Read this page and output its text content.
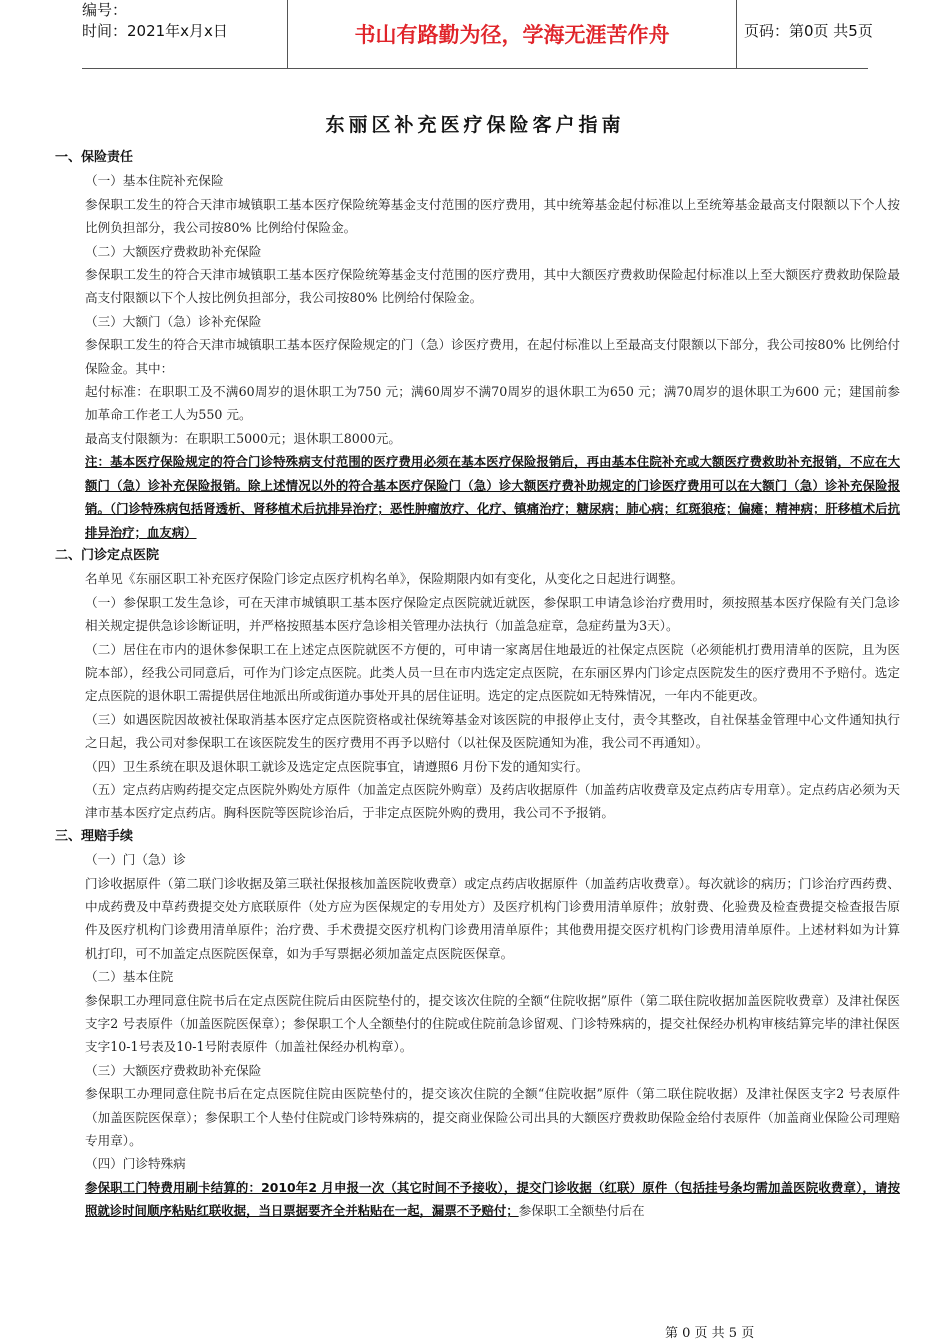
编号：
时间：2021年x月x日	书山有路勤为径，学海无涯苦作舟	页码：第0页 共5页
东丽区补充医疗保险客户指南

一、保险责任

（一）基本住院补充保险

参保职工发生的符合天津市城镇职工基本医疗保险统筹基金支付范围的医疗费用，其中统筹基金起付标准以上至统筹基金最高支付限额以下个人按比例负担部分，我公司按80% 比例给付保险金。

（二）大额医疗费救助补充保险

参保职工发生的符合天津市城镇职工基本医疗保险统筹基金支付范围的医疗费用，其中大额医疗费救助保险起付标准以上至大额医疗费救助保险最高支付限额以下个人按比例负担部分，我公司按80% 比例给付保险金。

（三）大额门（急）诊补充保险

参保职工发生的符合天津市城镇职工基本医疗保险规定的门（急）诊医疗费用，在起付标准以上至最高支付限额以下部分，我公司按80% 比例给付保险金。其中：

起付标准：在职职工及不满60周岁的退休职工为750 元；满60周岁不满70周岁的退休职工为650 元；满70周岁的退休职工为600 元；建国前参加革命工作老工人为550 元。

最高支付限额为：在职职工5000元；退休职工8000元。

注：基本医疗保险规定的符合门诊特殊病支付范围的医疗费用必须在基本医疗保险报销后，再由基本住院补充或大额医疗费救助补充报销，不应在大额门（急）诊补充保险报销。除上述情况以外的符合基本医疗保险门（急）诊大额医疗费补助规定的门诊医疗费用可以在大额门（急）诊补充保险报销。（门诊特殊病包括肾透析、肾移植术后抗排异治疗；恶性肿瘤放疗、化疗、镇痛治疗；糖尿病；肺心病；红斑狼疮；偏瘫；精神病；肝移植术后抗排异治疗；血友病）

二、门诊定点医院

名单见《东丽区职工补充医疗保险门诊定点医疗机构名单》，保险期限内如有变化，从变化之日起进行调整。

（一）参保职工发生急诊，可在天津市城镇职工基本医疗保险定点医院就近就医，参保职工申请急诊治疗费用时，须按照基本医疗保险有关门急诊相关规定提供急诊诊断证明，并严格按照基本医疗急诊相关管理办法执行（加盖急症章，急症药量为3天）。

（二）居住在市内的退休参保职工在上述定点医院就医不方便的，可申请一家离居住地最近的社保定点医院（必须能机打费用清单的医院，且为医院本部），经我公司同意后，可作为门诊定点医院。此类人员一旦在市内选定定点医院，在东丽区界内门诊定点医院发生的医疗费用不予赔付。选定定点医院的退休职工需提供居住地派出所或街道办事处开具的居住证明。选定的定点医院如无特殊情况，一年内不能更改。

（三）如遇医院因故被社保取消基本医疗定点医院资格或社保统筹基金对该医院的申报停止支付，责令其整改，自社保基金管理中心文件通知执行之日起，我公司对参保职工在该医院发生的医疗费用不再予以赔付（以社保及医院通知为准，我公司不再通知）。

（四）卫生系统在职及退休职工就诊及选定定点医院事宜，请遵照6 月份下发的通知实行。

（五）定点药店购药提交定点医院外购处方原件（加盖定点医院外购章）及药店收据原件（加盖药店收费章及定点药店专用章）。定点药店必须为天津市基本医疗定点药店。胸科医院等医院诊治后，于非定点医院外购的费用，我公司不予报销。

三、理赔手续

（一）门（急）诊

门诊收据原件（第二联门诊收据及第三联社保报核加盖医院收费章）或定点药店收据原件（加盖药店收费章）。每次就诊的病历；门诊治疗西药费、中成药费及中草药费提交处方底联原件（处方应为医保规定的专用处方）及医疗机构门诊费用清单原件；放射费、化验费及检查费提交检查报告原件及医疗机构门诊费用清单原件；治疗费、手术费提交医疗机构门诊费用清单原件；其他费用提交医疗机构门诊费用清单原件。上述材料如为计算机打印，可不加盖定点医院医保章，如为手写票据必须加盖定点医院医保章。

（二）基本住院

参保职工办理同意住院书后在定点医院住院后由医院垫付的，提交该次住院的全额“住院收据”原件（第二联住院收据加盖医院收费章）及津社保医支字2 号表原件（加盖医院医保章）；参保职工个人全额垫付的住院或住院前急诊留观、门诊特殊病的，提交社保经办机构审核结算完毕的津社保医支字10-1号表及10-1号附表原件（加盖社保经办机构章）。

（三）大额医疗费救助补充保险

参保职工办理同意住院书后在定点医院住院由医院垫付的，提交该次住院的全额“住院收据”原件（第二联住院收据）及津社保医支字2 号表原件（加盖医院医保章）；参保职工个人垫付住院或门诊特殊病的，提交商业保险公司出具的大额医疗费救助保险金给付表原件（加盖商业保险公司理赔专用章）。

（四）门诊特殊病

参保职工门特费用刷卡结算的：2010年2 月申报一次（其它时间不予接收），提交门诊收据（红联）原件（包括挂号条均需加盖医院收费章），请按照就诊时间顺序粘贴红联收据，当日票据要齐全并粘贴在一起，漏票不予赔付；参保职工全额垫付后在

第 0 页 共 5 页
